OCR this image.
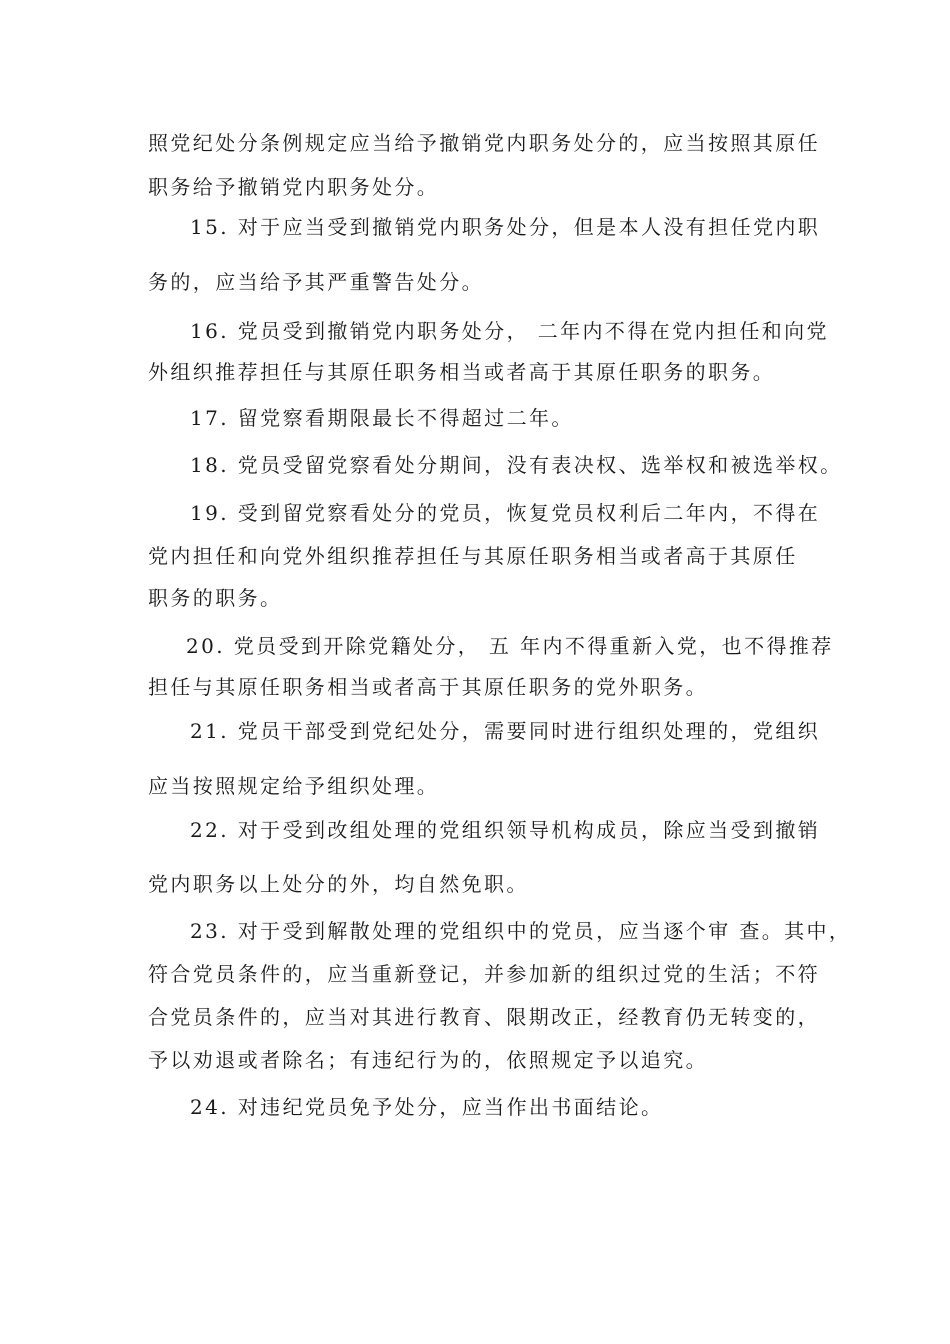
照党纪处分条例规定应当给予撤销党内职务处分的，应当按照其原任
职务给予撤销党内职务处分。
15. 对于应当受到撤销党内职务处分，但是本人没有担任党内职
务的，应当给予其严重警告处分。
16. 党员受到撤销党内职务处分， 二年内不得在党内担任和向党
外组织推荐担任与其原任职务相当或者高于其原任职务的职务。
17. 留党察看期限最长不得超过二年。
18. 党员受留党察看处分期间，没有表决权、选举权和被选举权。
19. 受到留党察看处分的党员，恢复党员权利后二年内，不得在
党内担任和向党外组织推荐担任与其原任职务相当或者高于其原任
职务的职务。
20. 党员受到开除党籍处分， 五 年内不得重新入党，也不得推荐
担任与其原任职务相当或者高于其原任职务的党外职务。
21. 党员干部受到党纪处分，需要同时进行组织处理的，党组织
应当按照规定给予组织处理。
22. 对于受到改组处理的党组织领导机构成员，除应当受到撤销
党内职务以上处分的外，均自然免职。
23. 对于受到解散处理的党组织中的党员，应当逐个审 查。其中，
符合党员条件的，应当重新登记，并参加新的组织过党的生活；不符
合党员条件的，应当对其进行教育、限期改正，经教育仍无转变的，
予以劝退或者除名；有违纪行为的，依照规定予以追究。
24. 对违纪党员免予处分，应当作出书面结论。
